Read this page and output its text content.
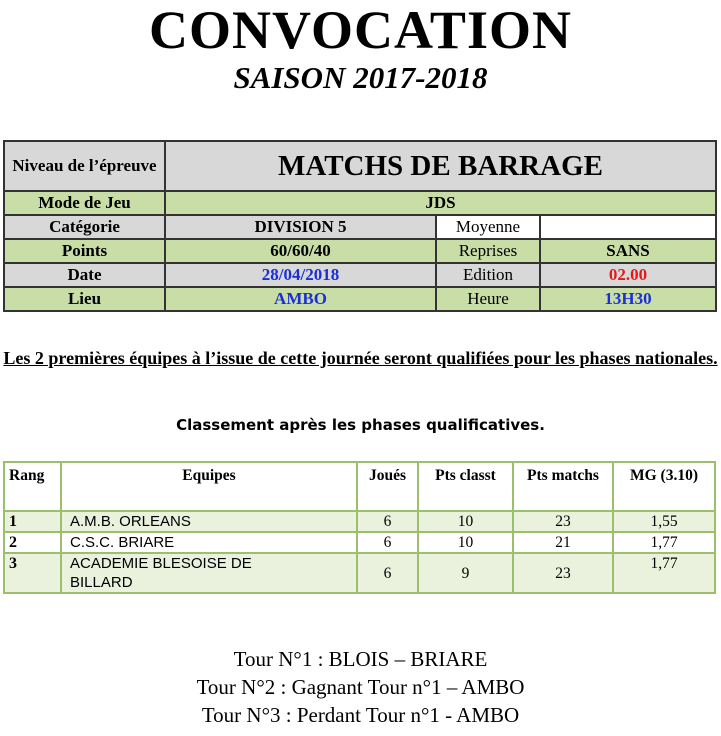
CONVOCATION
SAISON 2017-2018
Niveau de l’épreuve	MATCHS DE BARRAGE		
Mode de Jeu	JDS		
Catégorie	DIVISION 5	Moyenne	
Points	60/60/40	Reprises	SANS
Date	28/04/2018	Edition	02.00
Lieu	AMBO	Heure	13H30
Les 2 premières équipes à l’issue de cette journée seront qualifiées pour les phases nationales.
Classement après les phases qualificatives.
Rang	Equipes	Joués	Pts classt	Pts matchs	MG (3.10)
1	A.M.B. ORLEANS	6	10	23	1,55
2	C.S.C. BRIARE	6	10	21	1,77
3	ACADEMIE BLESOISE DE BILLARD	6	9	23	1,77
Tour N°1 : BLOIS – BRIARE
Tour N°2 : Gagnant Tour n°1 – AMBO
Tour N°3 : Perdant Tour n°1 - AMBO
